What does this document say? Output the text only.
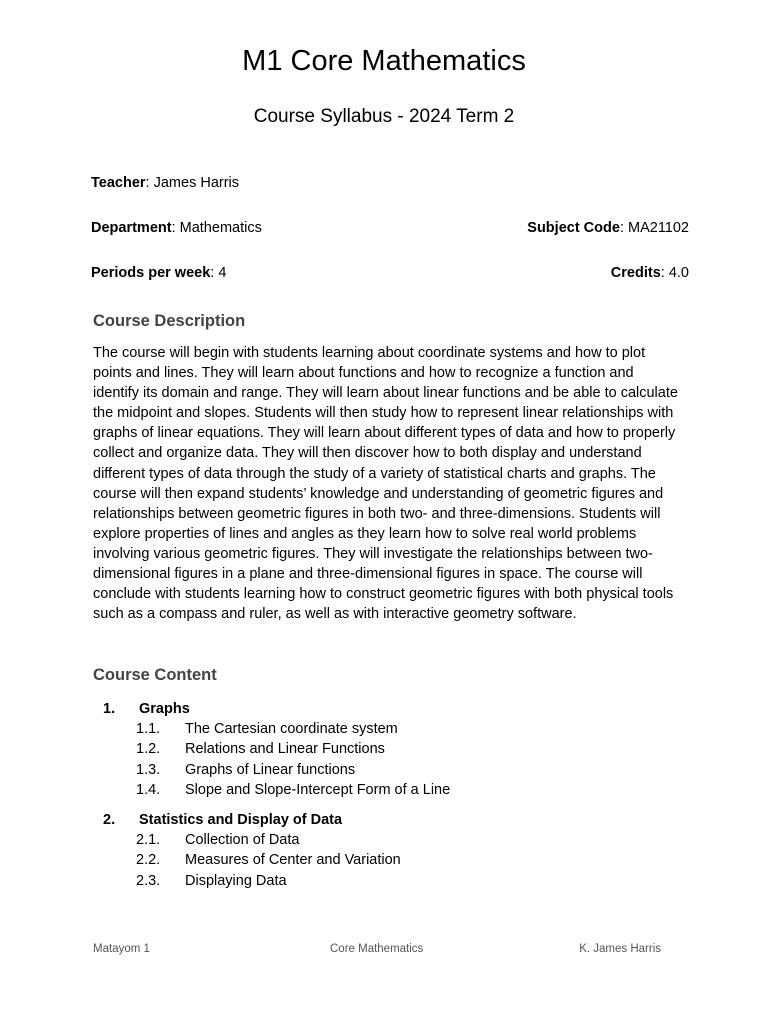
M1 Core Mathematics
Course Syllabus - 2024 Term 2
Teacher: James Harris
Department: Mathematics	Subject Code: MA21102
Periods per week: 4	Credits: 4.0
Course Description

The course will begin with students learning about coordinate systems and how to plot points and lines. They will learn about functions and how to recognize a function and identify its domain and range. They will learn about linear functions and be able to calculate the midpoint and slopes. Students will then study how to represent linear relationships with graphs of linear equations. They will learn about different types of data and how to properly collect and organize data. They will then discover how to both display and understand different types of data through the study of a variety of statistical charts and graphs. The course will then expand students’ knowledge and understanding of geometric figures and relationships between geometric figures in both two- and three-dimensions. Students will explore properties of lines and angles as they learn how to solve real world problems involving various geometric figures. They will investigate the relationships between two-dimensional figures in a plane and three-dimensional figures in space. The course will conclude with students learning how to construct geometric figures with both physical tools such as a compass and ruler, as well as with interactive geometry software.

Course Content
1.	Graphs
1.1.	The Cartesian coordinate system
1.2.	Relations and Linear Functions
1.3.	Graphs of Linear functions
1.4.	Slope and Slope-Intercept Form of a Line
2.	Statistics and Display of Data
2.1.	Collection of Data
2.2.	Measures of Center and Variation
2.3.	Displaying Data
Matayom 1	Core Mathematics	K. James Harris
